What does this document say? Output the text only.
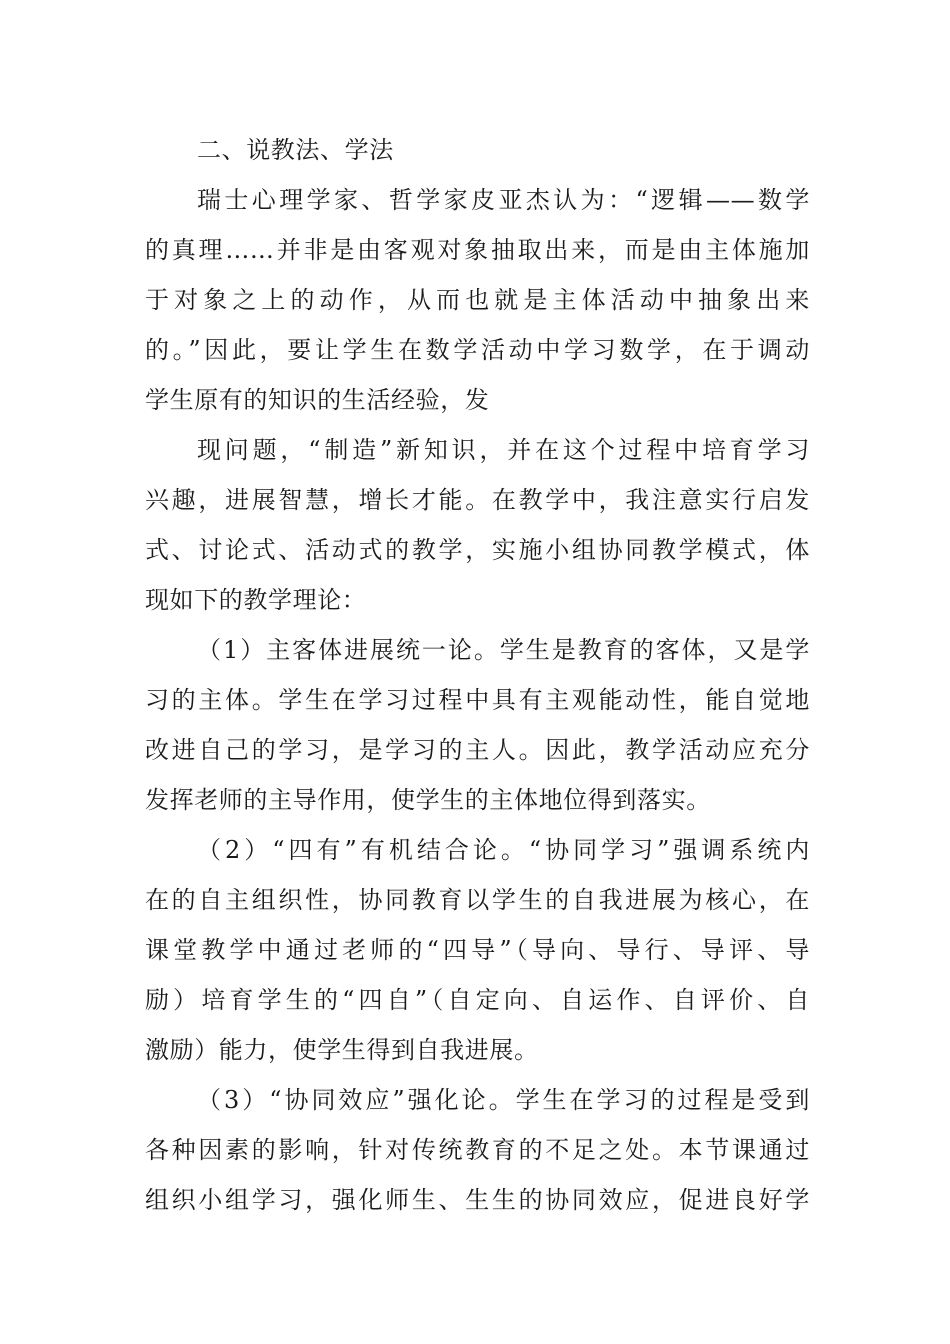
二、说教法、学法
瑞士心理学家、哲学家皮亚杰认为：“逻辑——数学
的真理……并非是由客观对象抽取出来，而是由主体施加
于对象之上的动作，从而也就是主体活动中抽象出来
的。”因此，要让学生在数学活动中学习数学，在于调动
学生原有的知识的生活经验，发
现问题，“制造”新知识，并在这个过程中培育学习
兴趣，进展智慧，增长才能。在教学中，我注意实行启发
式、讨论式、活动式的教学，实施小组协同教学模式，体
现如下的教学理论：
（1）主客体进展统一论。学生是教育的客体，又是学
习的主体。学生在学习过程中具有主观能动性，能自觉地
改进自己的学习，是学习的主人。因此，教学活动应充分
发挥老师的主导作用，使学生的主体地位得到落实。
（2）“四有”有机结合论。“协同学习”强调系统内
在的自主组织性，协同教育以学生的自我进展为核心，在
课堂教学中通过老师的“四导”（导向、导行、导评、导
励）培育学生的“四自”（自定向、自运作、自评价、自
激励）能力，使学生得到自我进展。
（3）“协同效应”强化论。学生在学习的过程是受到
各种因素的影响，针对传统教育的不足之处。本节课通过
组织小组学习，强化师生、生生的协同效应，促进良好学
